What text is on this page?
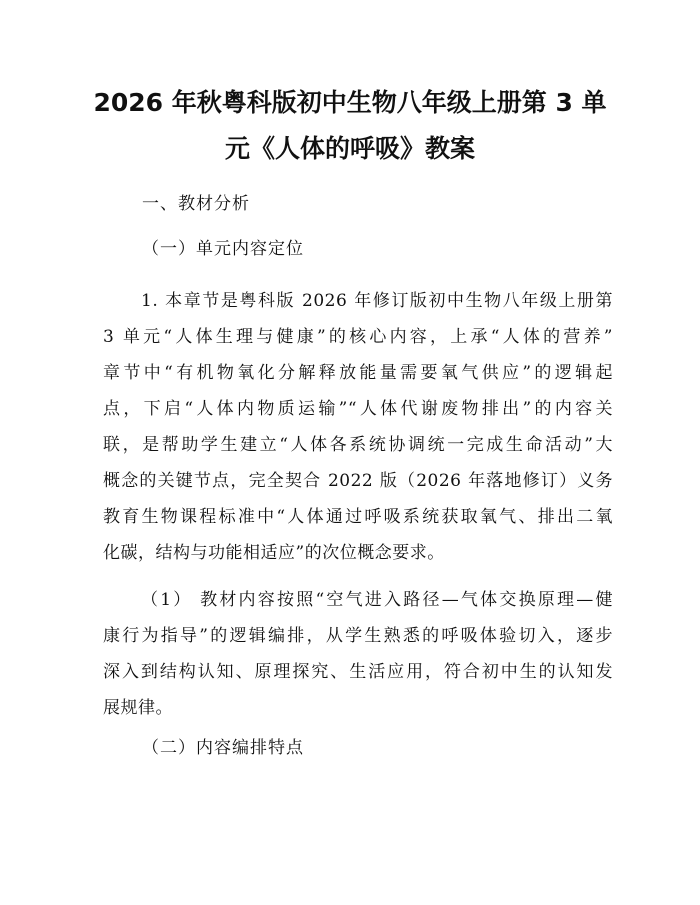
2026 年秋粤科版初中生物八年级上册第 3 单
元《人体的呼吸》教案
一、教材分析
（一）单元内容定位
1. 本章节是粤科版 2026 年修订版初中生物八年级上册第
3 单元“人体生理与健康”的核心内容，上承“人体的营养”
章节中“有机物氧化分解释放能量需要氧气供应”的逻辑起
点，下启“人体内物质运输”“人体代谢废物排出”的内容关
联，是帮助学生建立“人体各系统协调统一完成生命活动”大
概念的关键节点，完全契合 2022 版（2026 年落地修订）义务
教育生物课程标准中“人体通过呼吸系统获取氧气、排出二氧
化碳，结构与功能相适应”的次位概念要求。
（1） 教材内容按照“空气进入路径—气体交换原理—健
康行为指导”的逻辑编排，从学生熟悉的呼吸体验切入，逐步
深入到结构认知、原理探究、生活应用，符合初中生的认知发
展规律。
（二）内容编排特点
